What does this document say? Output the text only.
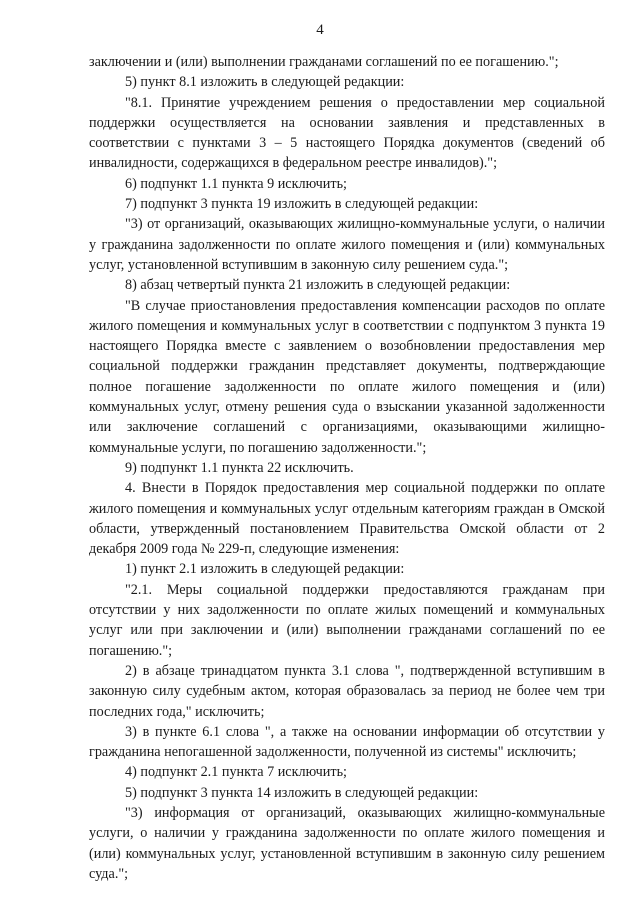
4

заключении и (или) выполнении гражданами соглашений по ее погашению.";

5) пункт 8.1 изложить в следующей редакции:

"8.1. Принятие учреждением решения о предоставлении мер социальной поддержки осуществляется на основании заявления и представленных в соответствии с пунктами 3 – 5 настоящего Порядка документов (сведений об инвалидности, содержащихся в федеральном реестре инвалидов).";

6) подпункт 1.1 пункта 9 исключить;

7) подпункт 3 пункта 19 изложить в следующей редакции:

"3) от организаций, оказывающих жилищно-коммунальные услуги, о наличии у гражданина задолженности по оплате жилого помещения и (или) коммунальных услуг, установленной вступившим в законную силу решением суда.";

8) абзац четвертый пункта 21 изложить в следующей редакции:

"В случае приостановления предоставления компенсации расходов по оплате жилого помещения и коммунальных услуг в соответствии с подпунктом 3 пункта 19 настоящего Порядка вместе с заявлением о возобновлении предоставления мер социальной поддержки гражданин представляет документы, подтверждающие полное погашение задолженности по оплате жилого помещения и (или) коммунальных услуг, отмену решения суда о взыскании указанной задолженности или заключение соглашений с организациями, оказывающими жилищно-коммунальные услуги, по погашению задолженности.";

9) подпункт 1.1 пункта 22 исключить.

4. Внести в Порядок предоставления мер социальной поддержки по оплате жилого помещения и коммунальных услуг отдельным категориям граждан в Омской области, утвержденный постановлением Правительства Омской области от 2 декабря 2009 года № 229-п, следующие изменения:

1) пункт 2.1 изложить в следующей редакции:

"2.1. Меры социальной поддержки предоставляются гражданам при отсутствии у них задолженности по оплате жилых помещений и коммунальных услуг или при заключении и (или) выполнении гражданами соглашений по ее погашению.";

2) в абзаце тринадцатом пункта 3.1 слова ", подтвержденной вступившим в законную силу судебным актом, которая образовалась за период не более чем три последних года," исключить;

3) в пункте 6.1 слова ", а также на основании информации об отсутствии у гражданина непогашенной задолженности, полученной из системы" исключить;

4) подпункт 2.1 пункта 7 исключить;

5) подпункт 3 пункта 14 изложить в следующей редакции:

"3) информация от организаций, оказывающих жилищно-коммунальные услуги, о наличии у гражданина задолженности по оплате жилого помещения и (или) коммунальных услуг, установленной вступившим в законную силу решением суда.";
